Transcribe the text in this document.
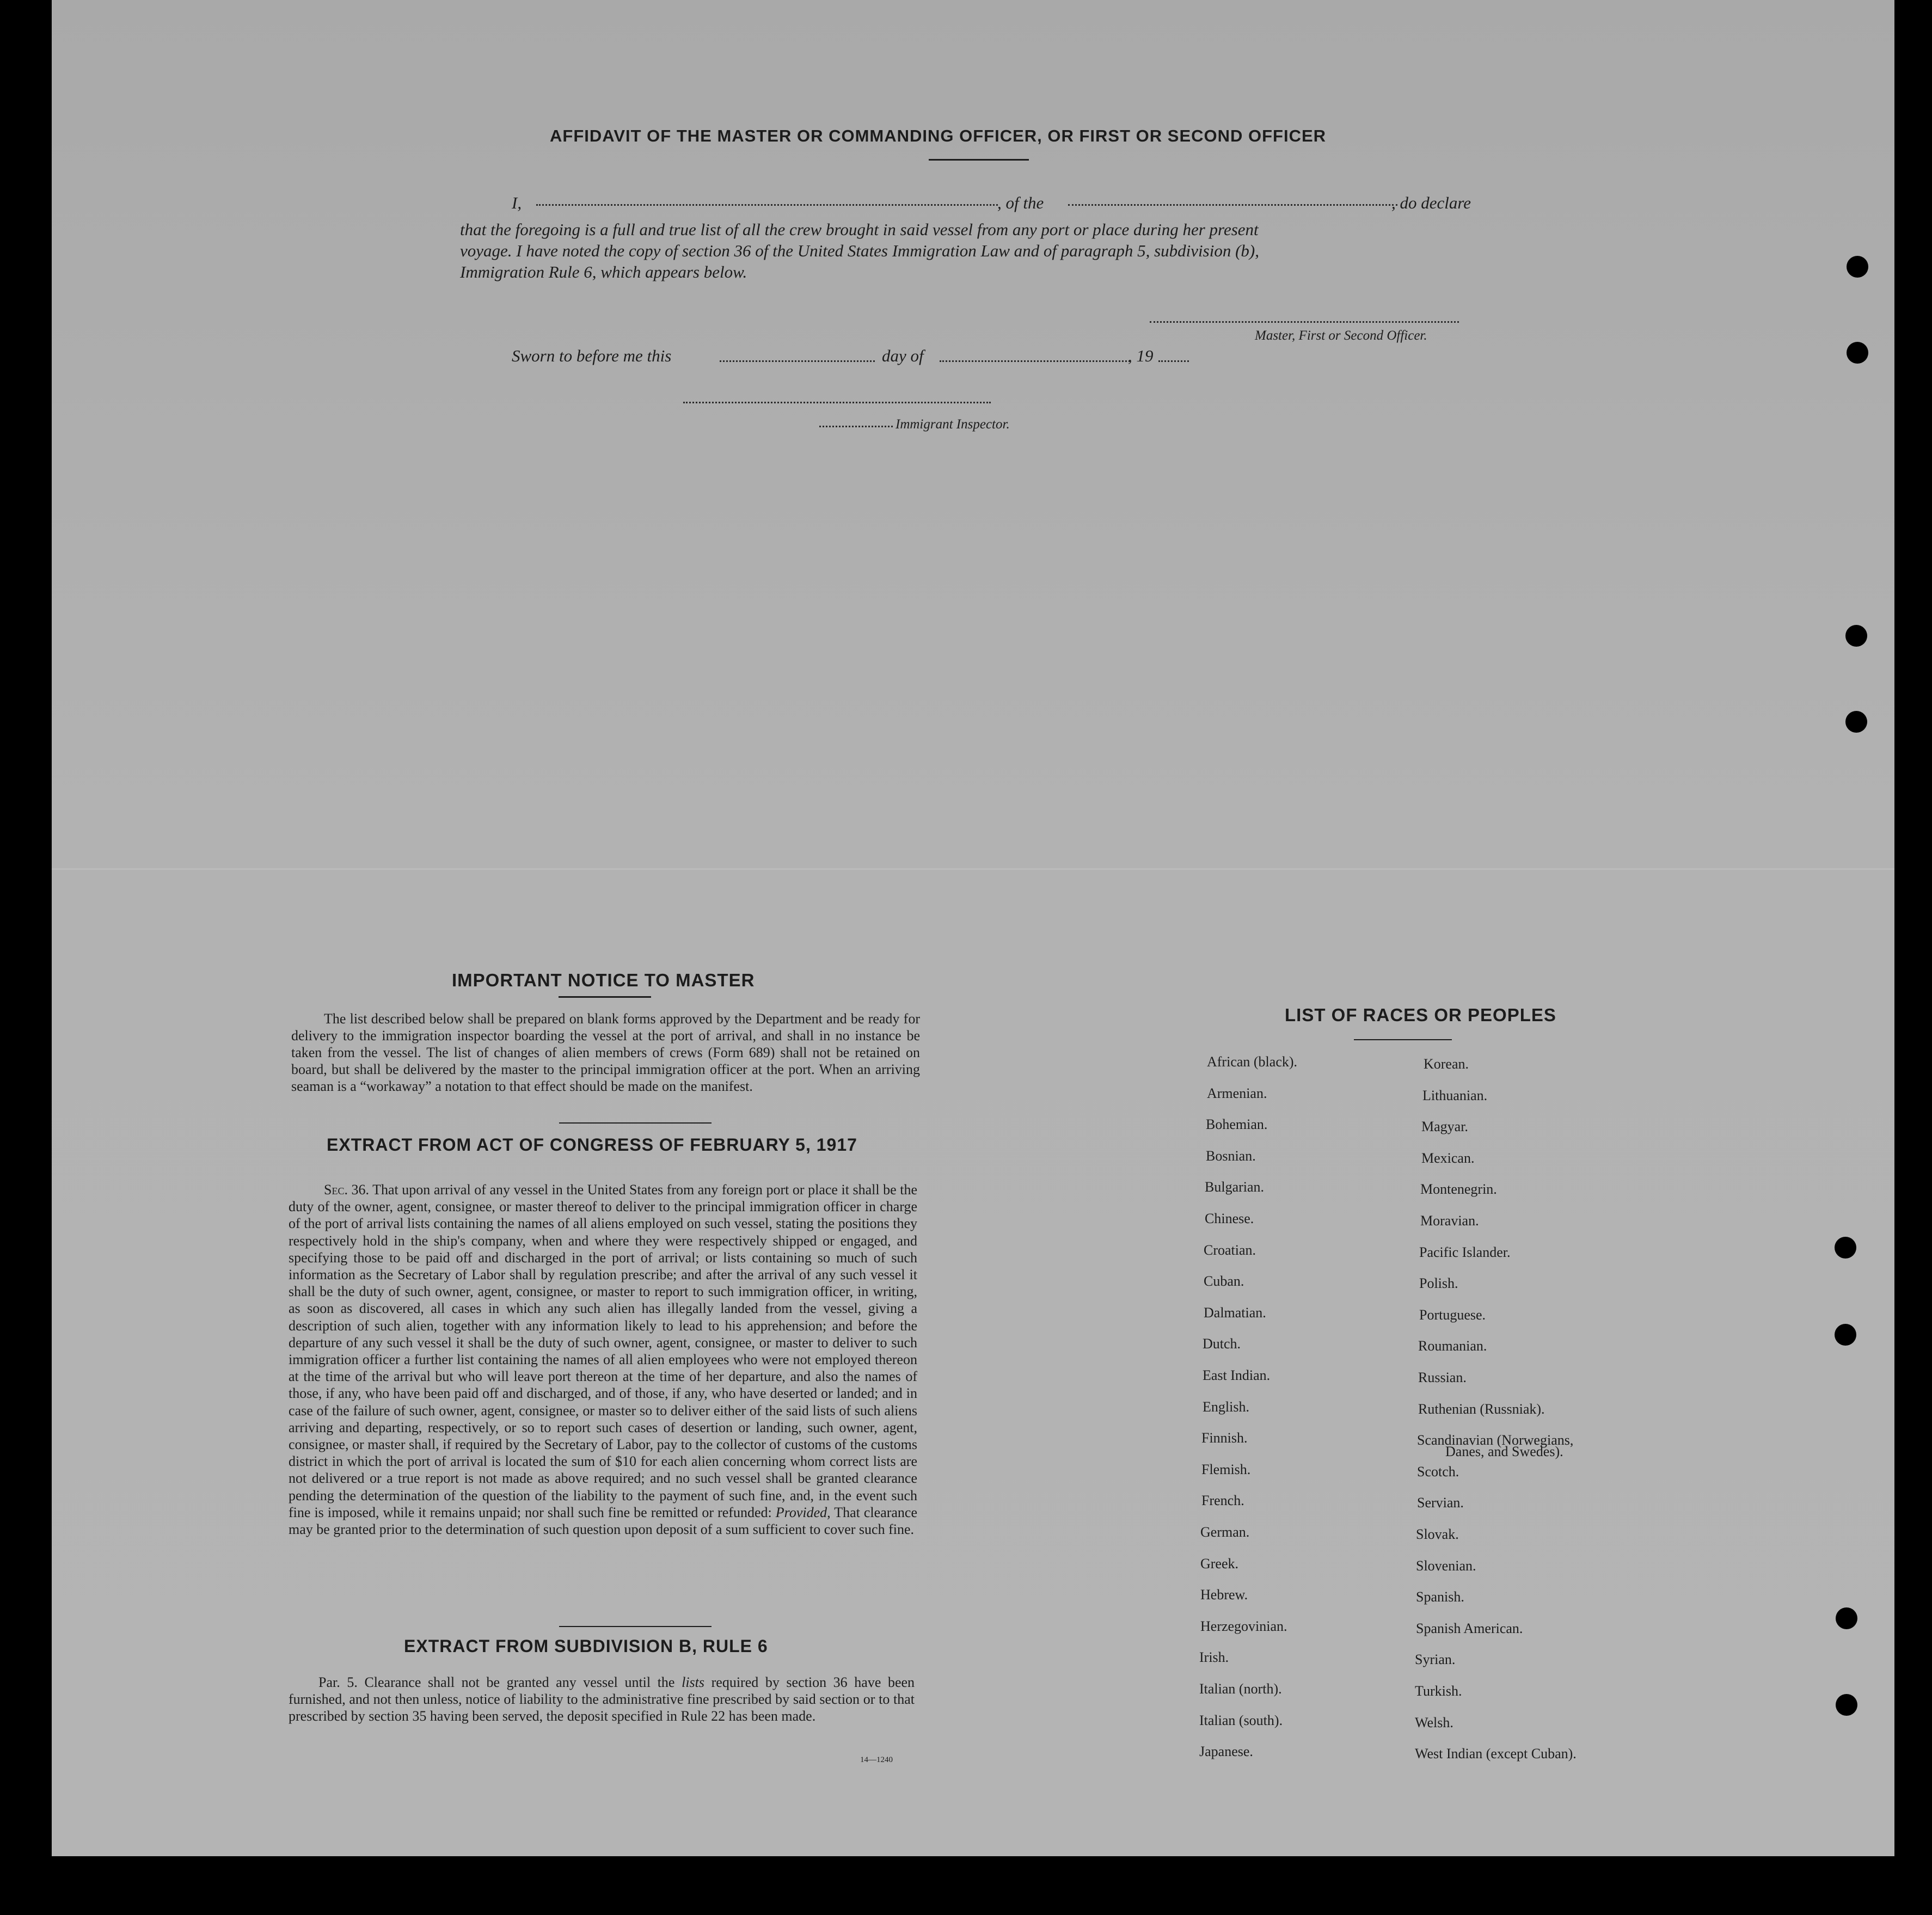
AFFIDAVIT OF THE MASTER OR COMMANDING OFFICER, OR FIRST OR SECOND OFFICER
I,	, of the	, do declare
that the foregoing is a full and true list of all the crew brought in said vessel from any port or place during her present
voyage. I have noted the copy of section 36 of the United States Immigration Law and of paragraph 5, subdivision (b),
Immigration Rule 6, which appears below.
Master, First or Second Officer.
Sworn to before me this	day of	, 19
Immigrant Inspector.
IMPORTANT NOTICE TO MASTER
The list described below shall be prepared on blank forms approved by the Department and be ready for delivery to the immigration inspector boarding the vessel at the port of arrival, and shall in no instance be taken from the vessel. The list of changes of alien members of crews (Form 689) shall not be retained on board, but shall be delivered by the master to the principal immigration officer at the port. When an arriving seaman is a “workaway” a notation to that effect should be made on the manifest.
EXTRACT FROM ACT OF CONGRESS OF FEBRUARY 5, 1917
Sec. 36. That upon arrival of any vessel in the United States from any foreign port or place it shall be the duty of the owner, agent, consignee, or master thereof to deliver to the principal immigration officer in charge of the port of arrival lists containing the names of all aliens employed on such vessel, stating the positions they respectively hold in the ship's company, when and where they were respectively shipped or engaged, and specifying those to be paid off and discharged in the port of arrival; or lists containing so much of such information as the Secretary of Labor shall by regulation prescribe; and after the arrival of any such vessel it shall be the duty of such owner, agent, consignee, or master to report to such immigration officer, in writing, as soon as discovered, all cases in which any such alien has illegally landed from the vessel, giving a description of such alien, together with any information likely to lead to his apprehension; and before the departure of any such vessel it shall be the duty of such owner, agent, consignee, or master to deliver to such immigration officer a further list containing the names of all alien employees who were not employed thereon at the time of the arrival but who will leave port thereon at the time of her departure, and also the names of those, if any, who have been paid off and discharged, and of those, if any, who have deserted or landed; and in case of the failure of such owner, agent, consignee, or master so to deliver either of the said lists of such aliens arriving and departing, respectively, or so to report such cases of desertion or landing, such owner, agent, consignee, or master shall, if required by the Secretary of Labor, pay to the collector of customs of the customs district in which the port of arrival is located the sum of $10 for each alien concerning whom correct lists are not delivered or a true report is not made as above required; and no such vessel shall be granted clearance pending the determination of the question of the liability to the payment of such fine, and, in the event such fine is imposed, while it remains unpaid; nor shall such fine be remitted or refunded: Provided, That clearance may be granted prior to the determination of such question upon deposit of a sum sufficient to cover such fine.
EXTRACT FROM SUBDIVISION B, RULE 6
Par. 5. Clearance shall not be granted any vessel until the lists required by section 36 have been furnished, and not then unless, notice of liability to the administrative fine prescribed by said section or to that prescribed by section 35 having been served, the deposit specified in Rule 22 has been made.
14—1240
LIST OF RACES OR PEOPLES
African (black).
Armenian.
Bohemian.
Bosnian.
Bulgarian.
Chinese.
Croatian.
Cuban.
Dalmatian.
Dutch.
East Indian.
English.
Finnish.
Flemish.
French.
German.
Greek.
Hebrew.
Herzegovinian.
Irish.
Italian (north).
Italian (south).
Japanese.
Korean.
Lithuanian.
Magyar.
Mexican.
Montenegrin.
Moravian.
Pacific Islander.
Polish.
Portuguese.
Roumanian.
Russian.
Ruthenian (Russniak).
Scandinavian (Norwegians,
Scotch.
Servian.
Slovak.
Slovenian.
Spanish.
Spanish American.
Syrian.
Turkish.
Welsh.
West Indian (except Cuban).
Danes, and Swedes).
